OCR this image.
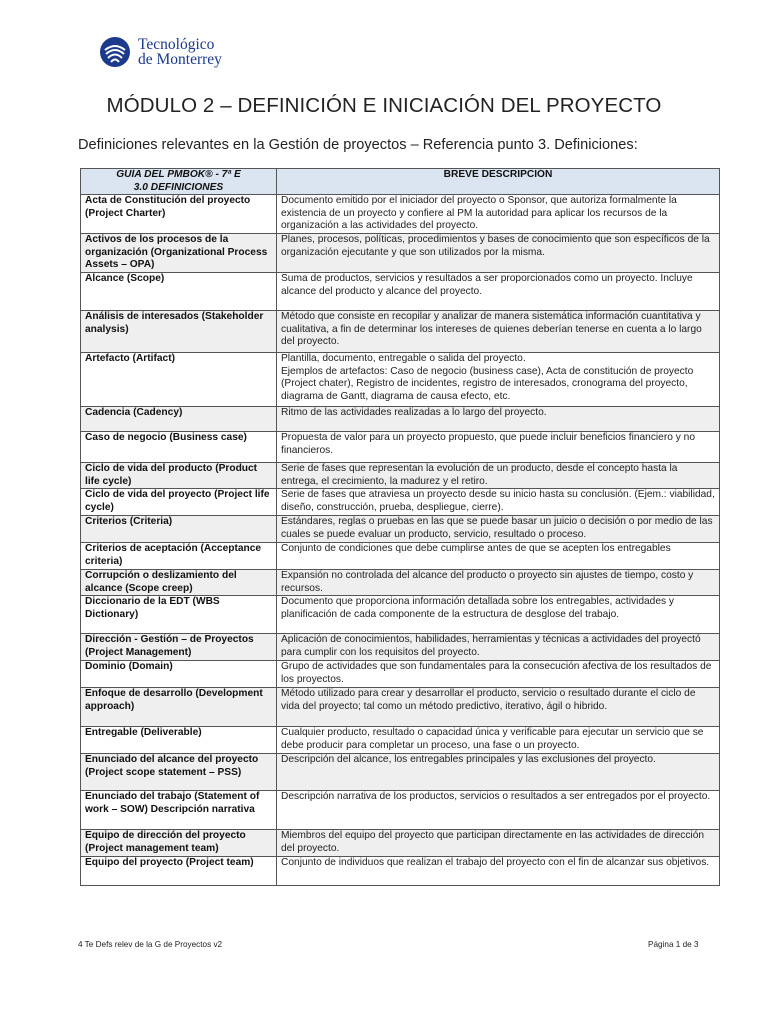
Tecnológico
de Monterrey
MÓDULO 2 – DEFINICIÓN E INICIACIÓN DEL PROYECTO
Definiciones relevantes en la Gestión de proyectos – Referencia punto 3. Definiciones:
GUÍA DEL PMBOK® - 7ª E
3.0 DEFINICIONES	BREVE DESCRIPCIÓN
Acta de Constitución del proyecto (Project Charter)	Documento emitido por el iniciador del proyecto o Sponsor, que autoriza formalmente la existencia de un proyecto y confiere al PM la autoridad para aplicar los recursos de la organización a las actividades del proyecto.
Activos de los procesos de la organización (Organizational Process Assets – OPA)	Planes, procesos, políticas, procedimientos y bases de conocimiento que son específicos de la organización ejecutante y que son utilizados por la misma.
Alcance (Scope)	Suma de productos, servicios y resultados a ser proporcionados como un proyecto. Incluye alcance del producto y alcance del proyecto.
Análisis de interesados (Stakeholder analysis)	Método que consiste en recopilar y analizar de manera sistemática información cuantitativa y cualitativa, a fin de determinar los intereses de quienes deberían tenerse en cuenta a lo largo del proyecto.
Artefacto (Artifact)	Plantilla, documento, entregable o salida del proyecto.
Ejemplos de artefactos: Caso de negocio (business case), Acta de constitución de proyecto (Project chater), Registro de incidentes, registro de interesados, cronograma del proyecto, diagrama de Gantt, diagrama de causa efecto, etc.
Cadencia (Cadency)	Ritmo de las actividades realizadas a lo largo del proyecto.
Caso de negocio (Business case)	Propuesta de valor para un proyecto propuesto, que puede incluir beneficios financiero y no financieros.
Ciclo de vida del producto (Product life cycle)	Serie de fases que representan la evolución de un producto, desde el concepto hasta la entrega, el crecimiento, la madurez y el retiro.
Ciclo de vida del proyecto (Project life cycle)	Serie de fases que atraviesa un proyecto desde su inicio hasta su conclusión. (Ejem.: viabilidad, diseño, construcción, prueba, despliegue, cierre).
Criterios (Criteria)	Estándares, reglas o pruebas en las que se puede basar un juicio o decisión o por medio de las cuales se puede evaluar un producto, servicio, resultado o proceso.
Criterios de aceptación (Acceptance criteria)	Conjunto de condiciones que debe cumplirse antes de que se acepten los entregables
Corrupción o deslizamiento del alcance (Scope creep)	Expansión no controlada del alcance del producto o proyecto sin ajustes de tiempo, costo y recursos.
Diccionario de la EDT (WBS Dictionary)	Documento que proporciona información detallada sobre los entregables, actividades y planificación de cada componente de la estructura de desglose del trabajo.
Dirección - Gestión – de Proyectos (Project Management)	Aplicación de conocimientos, habilidades, herramientas y técnicas a actividades del proyectó para cumplir con los requisitos del proyecto.
Dominio (Domain)	Grupo de actividades que son fundamentales para la consecución afectiva de los resultados de los proyectos.
Enfoque de desarrollo (Development approach)	Método utilizado para crear y desarrollar el producto, servicio o resultado durante el ciclo de vida del proyecto; tal como un método predictivo, iterativo, ágil o hibrido.
Entregable (Deliverable)	Cualquier producto, resultado o capacidad única y verificable para ejecutar un servicio que se debe producir para completar un proceso, una fase o un proyecto.
Enunciado del alcance del proyecto (Project scope statement – PSS)	Descripción del alcance, los entregables principales y las exclusiones del proyecto.
Enunciado del trabajo (Statement of work – SOW) Descripción narrativa	Descripción narrativa de los productos, servicios o resultados a ser entregados por el proyecto.
Equipo de dirección del proyecto (Project management team)	Miembros del equipo del proyecto que participan directamente en las actividades de dirección del proyecto.
Equipo del proyecto (Project team)	Conjunto de individuos que realizan el trabajo del proyecto con el fin de alcanzar sus objetivos.
4 Te Defs relev de la G de Proyectos v2	Página 1 de 3
